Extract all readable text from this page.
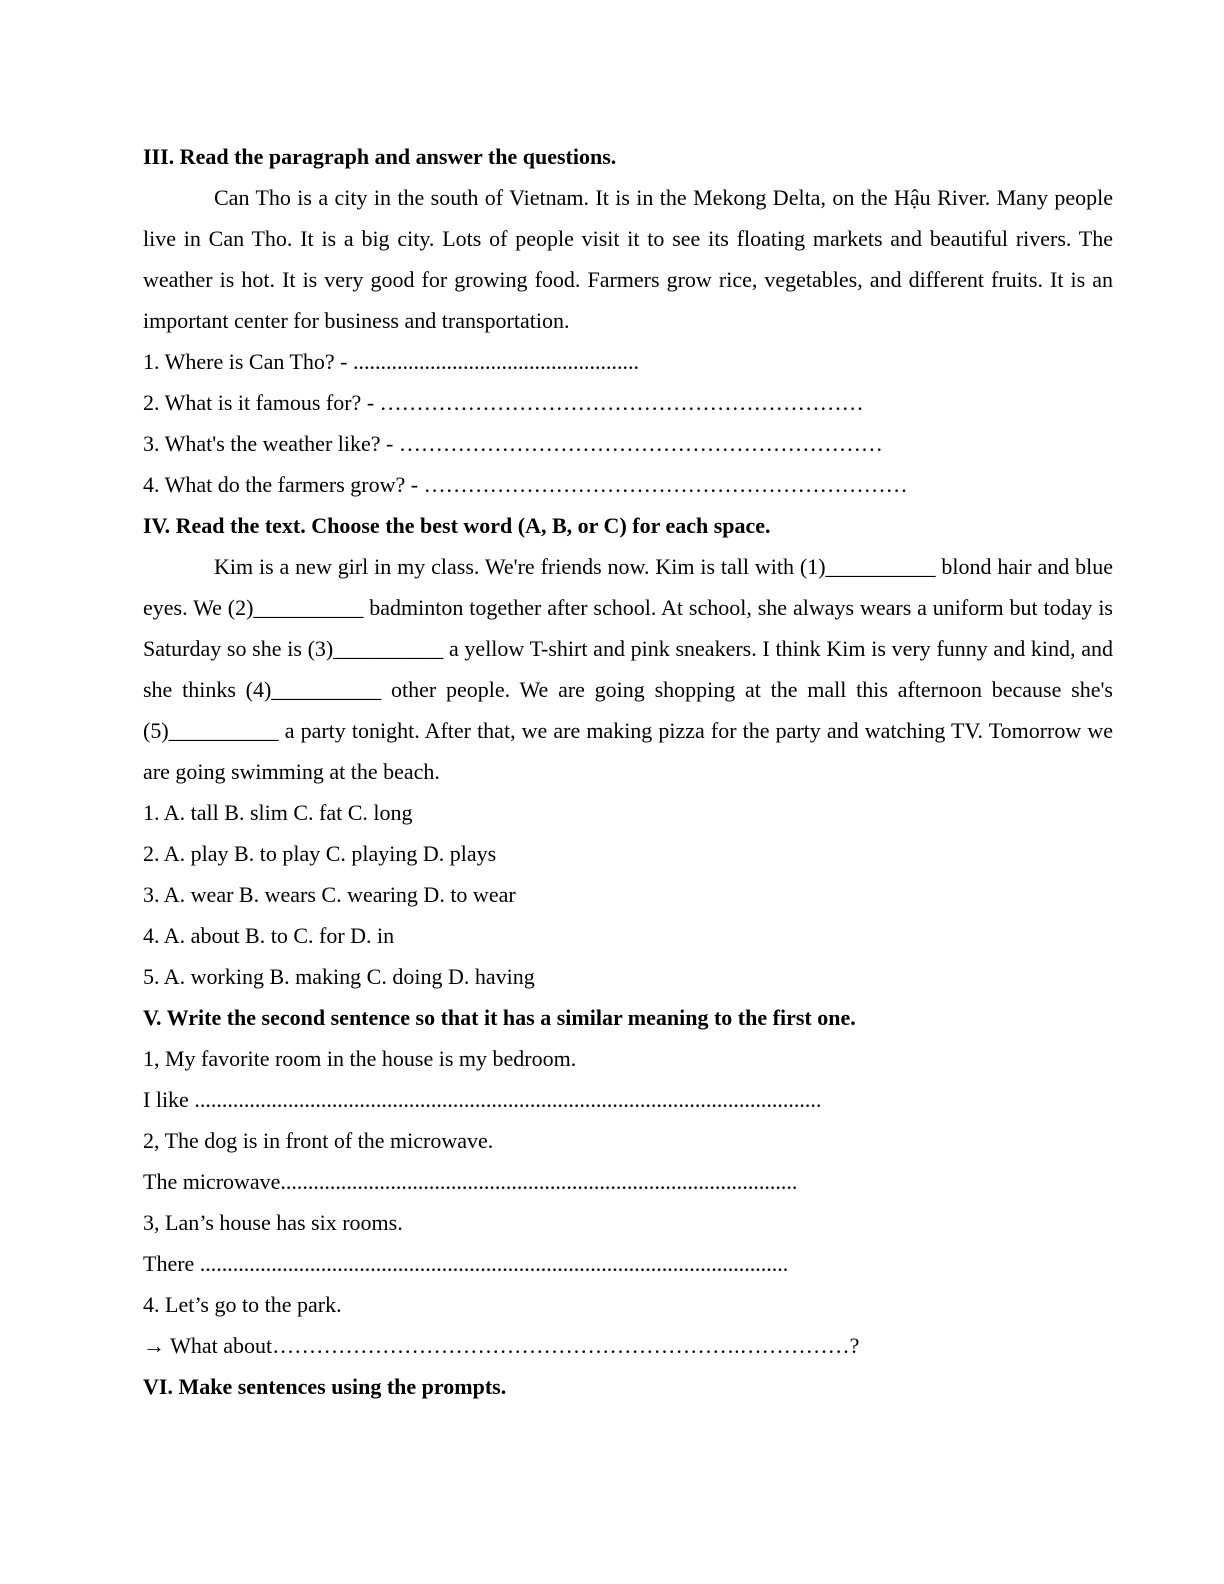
III. Read the paragraph and answer the questions.

Can Tho is a city in the south of Vietnam. It is in the Mekong Delta, on the Hậu River. Many people live in Can Tho. It is a big city. Lots of people visit it to see its floating markets and beautiful rivers. The weather is hot. It is very good for growing food. Farmers grow rice, vegetables, and different fruits. It is an important center for business and transportation.

1. Where is Can Tho? - ....................................................
2. What is it famous for? - …………………………………………………………
3. What's the weather like? - …………………………………………………………
4. What do the farmers grow? - …………………………………………………………
IV. Read the text. Choose the best word (A, B, or C) for each space.

Kim is a new girl in my class. We're friends now. Kim is tall with (1)__________ blond hair and blue eyes. We (2)__________ badminton together after school. At school, she always wears a uniform but today is Saturday so she is (3)__________ a yellow T-shirt and pink sneakers. I think Kim is very funny and kind, and she thinks (4)__________ other people. We are going shopping at the mall this afternoon because she's (5)__________ a party tonight. After that, we are making pizza for the party and watching TV. Tomorrow we are going swimming at the beach.

1. A. tall B. slim C. fat C. long
2. A. play B. to play C. playing D. plays
3. A. wear B. wears C. wearing D. to wear
4. A. about B. to C. for D. in
5. A. working B. making C. doing D. having
V. Write the second sentence so that it has a similar meaning to the first one.
1, My favorite room in the house is my bedroom.
I like ..................................................................................................................
2, The dog is in front of the microwave.
The microwave..............................................................................................
3, Lan’s house has six rooms.
There ...........................................................................................................
4. Let’s go to the park.
→ What about……………………………………………………….……………?
VI. Make sentences using the prompts.
